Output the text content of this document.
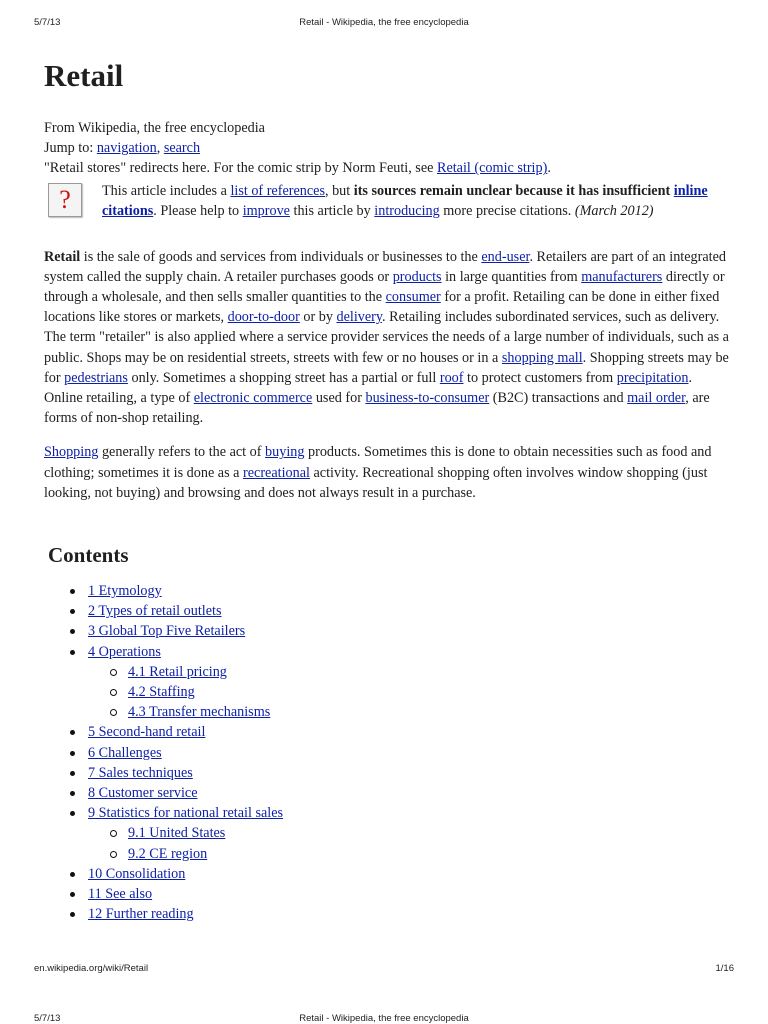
5/7/13	Retail - Wikipedia, the free encyclopedia
Retail
From Wikipedia, the free encyclopedia
Jump to: navigation, search
"Retail stores" redirects here. For the comic strip by Norm Feuti, see Retail (comic strip).
?	This article includes a list of references, but its sources remain unclear because it has insufficient inline citations. Please help to improve this article by introducing more precise citations. (March 2012)

Retail is the sale of goods and services from individuals or businesses to the end-user. Retailers are part of an integrated system called the supply chain. A retailer purchases goods or products in large quantities from manufacturers directly or through a wholesale, and then sells smaller quantities to the consumer for a profit. Retailing can be done in either fixed locations like stores or markets, door-to-door or by delivery. Retailing includes subordinated services, such as delivery. The term "retailer" is also applied where a service provider services the needs of a large number of individuals, such as a public. Shops may be on residential streets, streets with few or no houses or in a shopping mall. Shopping streets may be for pedestrians only. Sometimes a shopping street has a partial or full roof to protect customers from precipitation. Online retailing, a type of electronic commerce used for business-to-consumer (B2C) transactions and mail order, are forms of non-shop retailing.

Shopping generally refers to the act of buying products. Sometimes this is done to obtain necessities such as food and clothing; sometimes it is done as a recreational activity. Recreational shopping often involves window shopping (just looking, not buying) and browsing and does not always result in a purchase.

Contents
1 Etymology
2 Types of retail outlets
3 Global Top Five Retailers
4 Operations
4.1 Retail pricing
4.2 Staffing
4.3 Transfer mechanisms
5 Second-hand retail
6 Challenges
7 Sales techniques
8 Customer service
9 Statistics for national retail sales
9.1 United States
9.2 CE region
10 Consolidation
11 See also
12 Further reading
en.wikipedia.org/wiki/Retail	1/16
5/7/13	Retail - Wikipedia, the free encyclopedia
